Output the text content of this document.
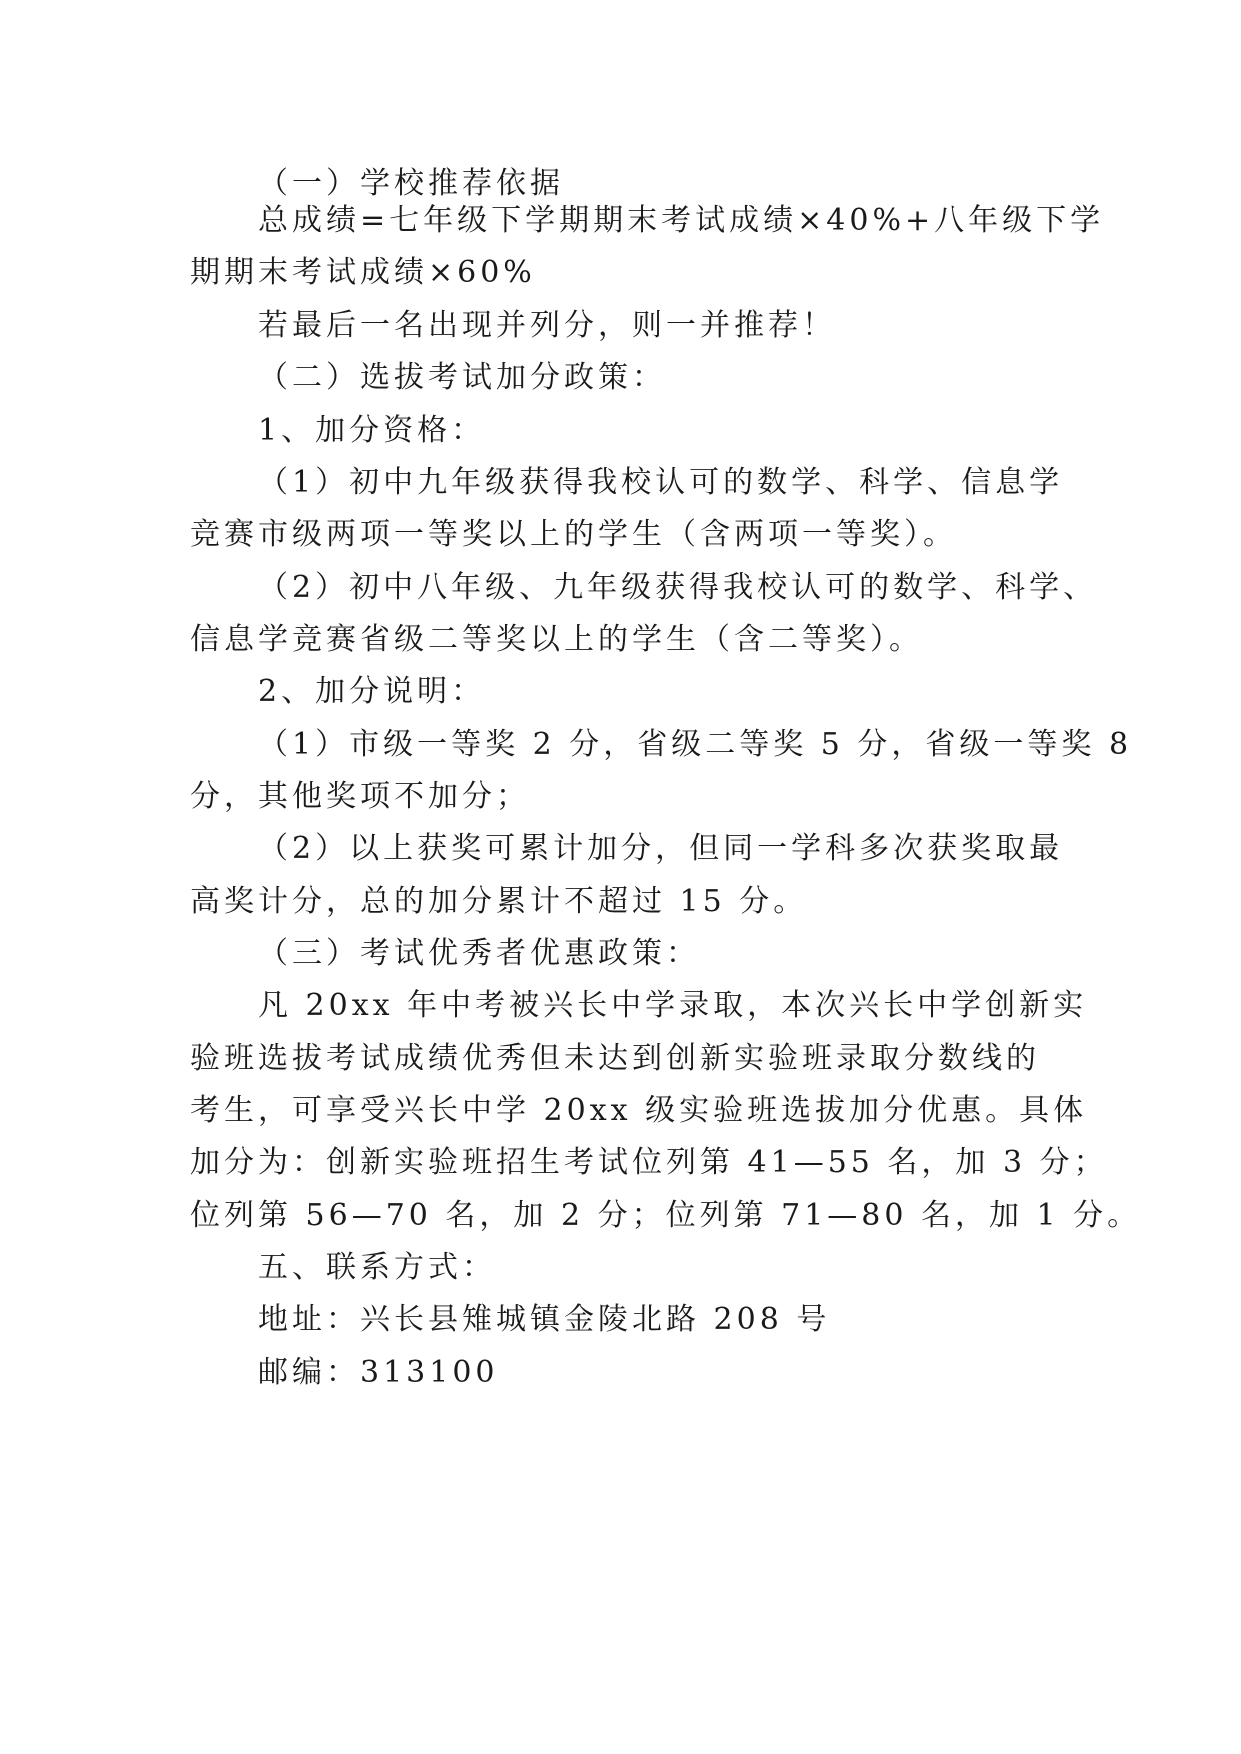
（一）学校推荐依据
总成绩=七年级下学期期末考试成绩×40%+八年级下学
期期末考试成绩×60%
若最后一名出现并列分，则一并推荐！
（二）选拔考试加分政策：
1、加分资格：
（1）初中九年级获得我校认可的数学、科学、信息学
竞赛市级两项一等奖以上的学生（含两项一等奖）。
（2）初中八年级、九年级获得我校认可的数学、科学、
信息学竞赛省级二等奖以上的学生（含二等奖）。
2、加分说明：
（1）市级一等奖 2 分，省级二等奖 5 分，省级一等奖 8
分，其他奖项不加分；
（2）以上获奖可累计加分，但同一学科多次获奖取最
高奖计分，总的加分累计不超过 15 分。
（三）考试优秀者优惠政策：
凡 20xx 年中考被兴长中学录取，本次兴长中学创新实
验班选拔考试成绩优秀但未达到创新实验班录取分数线的
考生，可享受兴长中学 20xx 级实验班选拔加分优惠。具体
加分为：创新实验班招生考试位列第 41—55 名，加 3 分；
位列第 56—70 名，加 2 分；位列第 71—80 名，加 1 分。
五、联系方式：
地址：兴长县雉城镇金陵北路 208 号
邮编：313100
